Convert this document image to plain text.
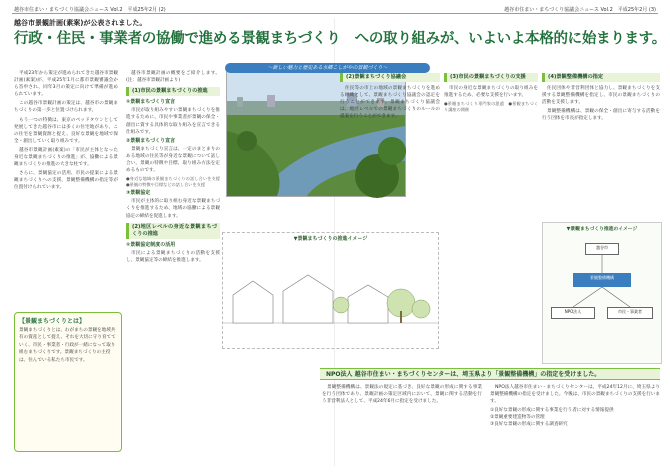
越谷市住まい・まちづくり協議会ニュース Vol.2　平成25年2月 (2)	越谷市住まい・まちづくり協議会ニュース Vol.2　平成25年2月 (3)
越谷市景観計画(素案)が公表されました。
行政・住民・事業者の協働で進める景観まちづくり　への取り組みが、いよいよ本格的に始まります。

平成23年から策定が進められてきた越谷市景観計画(素案)が、平成25年1月に都市景観審議会から答申され、同年3月の策定に向けて準備が進められています。

この越谷市景観計画の策定は、越谷市の景観まちづくりの第一歩と位置づけられます。

もう一つの特徴は、東京のベッドタウンとして発展してきた越谷市には多くの住宅地があり、この住宅を景観資源と捉え、良好な景観を地域で保全・創出していく取り組みです。

越谷市景観計画(素案)の「市民が主体となった身近な景観まちづくりの推進」が、協働による景観まちづくりの推進の大きな柱です。

さらに、景観協定の活用、市民の提案による景観まちづくりへの支援、景観整備機構の指定等が位置付けられています。

【景観まちづくりとは】
景観まちづくりとは、わがまちの景観を地域共有の資産として捉え、それを大切に守り育てていく、市民・事業者・行政が一緒になって取り組むまちづくりです。景観まちづくりの主役は、住んでいる私たち市民です。

越谷市景観計画の概要をご紹介します。(注：越谷市景観計画より)

(1)市民の景観まちづくりの推進
①景観まちづくり宣言

市民が取り組みやすい景観まちづくりを推進するために、市民や事業者が景観の保全・創出に資する具体的な取り組みを宣言できる仕組みです。

②景観まちづくり宣言

景観まちづくり宣言は、一定のまとまりのある地域の住民等が身近な景観について話し合い、景観の特徴や目標、取り組み方法を定めるものです。

●身近な地域の景観まちづくりの話し合いを支援　●景観の特徴や目標などの話し合いを支援
③景観協定

市民が主体的に取り組む身近な景観まちづくりを推進するため、地域の協働による景観協定の締結を促進します。

(2)地区レベルの身近な景観まちづくりの推進
①景観協定制度の活用

市民による景観まちづくりの活動を支援し、景観協定等の締結を推進します。

～新しい魅力と歴史ある水郷こしがやの景観づくり～
▼景観まちづくりの推進イメージ
(2)景観まちづくり協議会

住民等の市上の地域の景観まちづくりを進める組織として、景観まちづくり協議会の認定を行うことができます。景観まちづくり協議会は、地区レベルでの景観まちづくりのルールの提案を行うことができます。

(3)市民の景観まちづくりの支援

市民の身近な景観まちづくりの取り組みを推進するため、必要な支援を行います。

●景観まちづくり専門家の派遣　●景観まちづくり講座の開催
(4)景観整備機構の指定

住民団体や非営利団体と協力し、景観まちづくりを支援する景観整備機構を指定し、市民の景観まちづくりの活動を支援します。

景観整備機構は、景観の保全・創出に寄与する活動を行う団体を市長が指定します。

▼景観まちづくり推進のイメージ
越谷市
景観整備機構
NPO法人	市民・事業者
NPO法人 越谷市住まい・まちづくりセンターは、埼玉県より「景観整備機構」の指定を受けました。

景観整備機構は、景観法の規定に基づき、良好な景観の形成に関する事業を行う団体であり、景観計画の策定区域内において、景観に関する活動を行う非営利法人として、平成24年6月に指定を受けました。

NPO法人越谷市住まい・まちづくりセンターは、平成24年12月に、埼玉県より景観整備機構の指定を受けました。今後は、市民の景観まちづくりの支援を行います。

①良好な景観の形成に関する事業を行う者に対する情報提供
②景観重要建造物等の管理
③良好な景観の形成に関する調査研究
